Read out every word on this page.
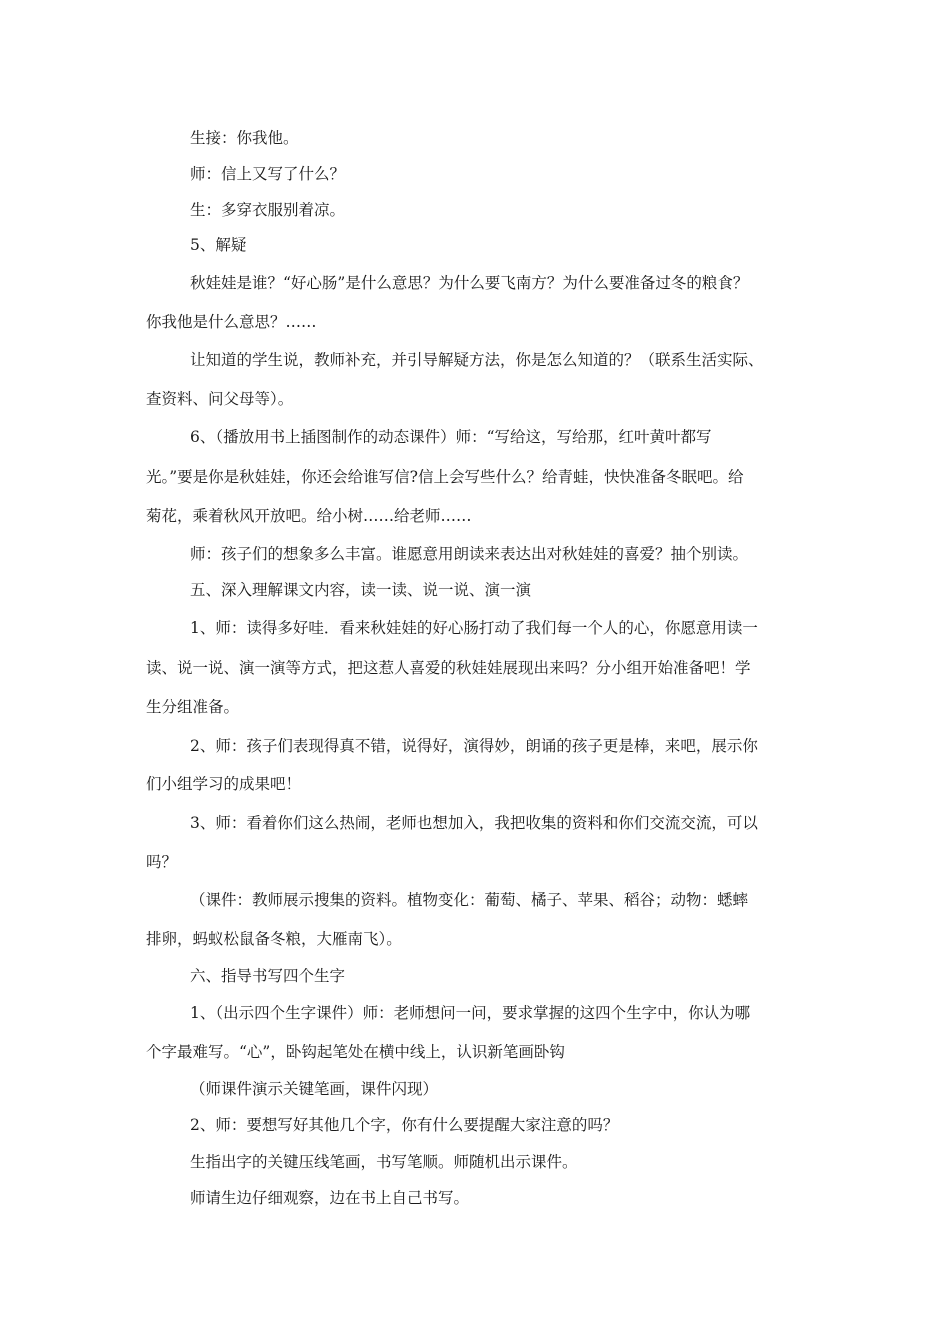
生接：你我他。
师：信上又写了什么？
生：多穿衣服别着凉。
5、解疑
秋娃娃是谁？“好心肠”是什么意思？为什么要飞南方？为什么要准备过冬的粮食？
你我他是什么意思？……
让知道的学生说，教师补充，并引导解疑方法，你是怎么知道的？（联系生活实际、
查资料、问父母等）。
6、（播放用书上插图制作的动态课件）师：“写给这，写给那，红叶黄叶都写
光。”要是你是秋娃娃，你还会给谁写信?信上会写些什么？给青蛙，快快准备冬眠吧。给
菊花，乘着秋风开放吧。给小树……给老师……
师：孩子们的想象多么丰富。谁愿意用朗读来表达出对秋娃娃的喜爱？抽个别读。
五、深入理解课文内容，读一读、说一说、演一演
1、师：读得多好哇．看来秋娃娃的好心肠打动了我们每一个人的心，你愿意用读一
读、说一说、演一演等方式，把这惹人喜爱的秋娃娃展现出来吗？分小组开始准备吧！学
生分组准备。
2、师：孩子们表现得真不错，说得好，演得妙，朗诵的孩子更是棒，来吧，展示你
们小组学习的成果吧！
3、师：看着你们这么热闹，老师也想加入，我把收集的资料和你们交流交流，可以
吗？
（课件：教师展示搜集的资料。植物变化：葡萄、橘子、苹果、稻谷；动物：蟋蟀
排卵，蚂蚁松鼠备冬粮，大雁南飞）。
六、指导书写四个生字
1、（出示四个生字课件）师：老师想问一问，要求掌握的这四个生字中，你认为哪
个字最难写。“心”，卧钩起笔处在横中线上，认识新笔画卧钩
（师课件演示关键笔画，课件闪现）
2、师：要想写好其他几个字，你有什么要提醒大家注意的吗？
生指出字的关键压线笔画，书写笔顺。师随机出示课件。
师请生边仔细观察，边在书上自己书写。
